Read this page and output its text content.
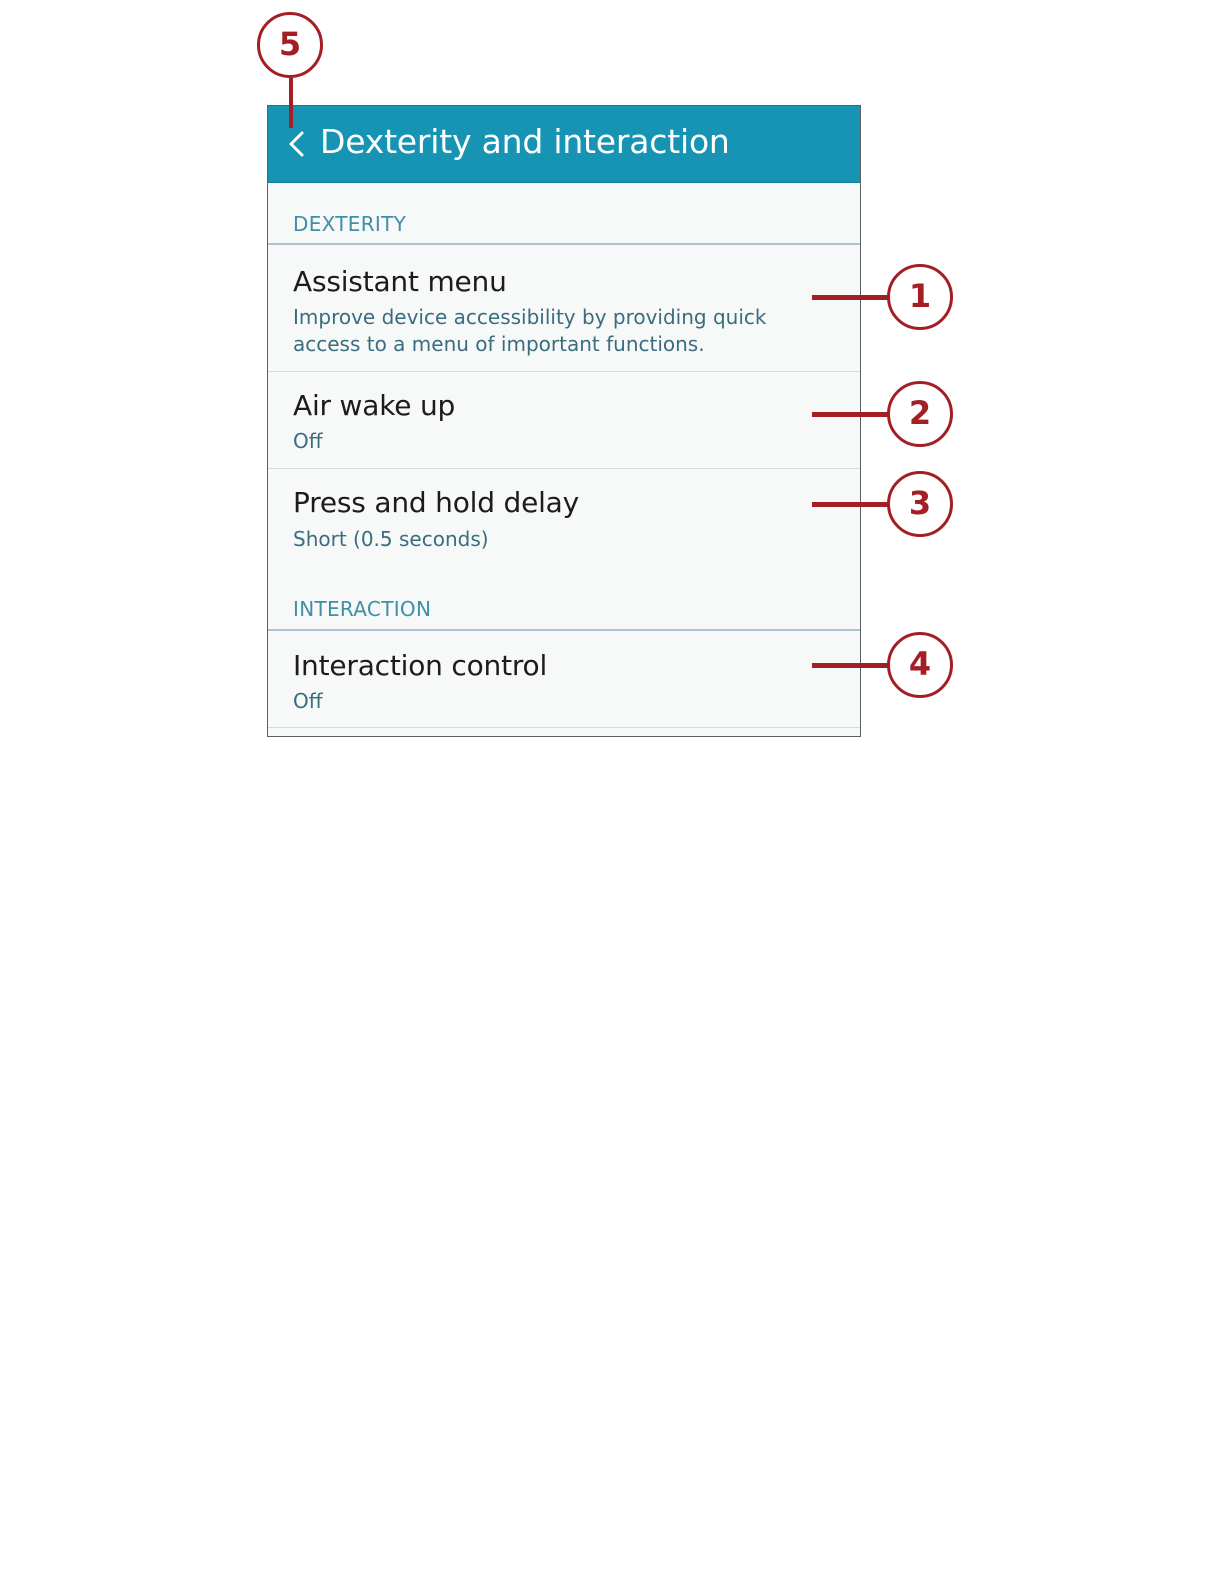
Dexterity and interaction
DEXTERITY
Assistant menu
Improve device accessibility by providing quick access to a menu of important functions.
Air wake up
Off
Press and hold delay
Short (0.5 seconds)
INTERACTION
Interaction control
Off
5
1
2
3
4
